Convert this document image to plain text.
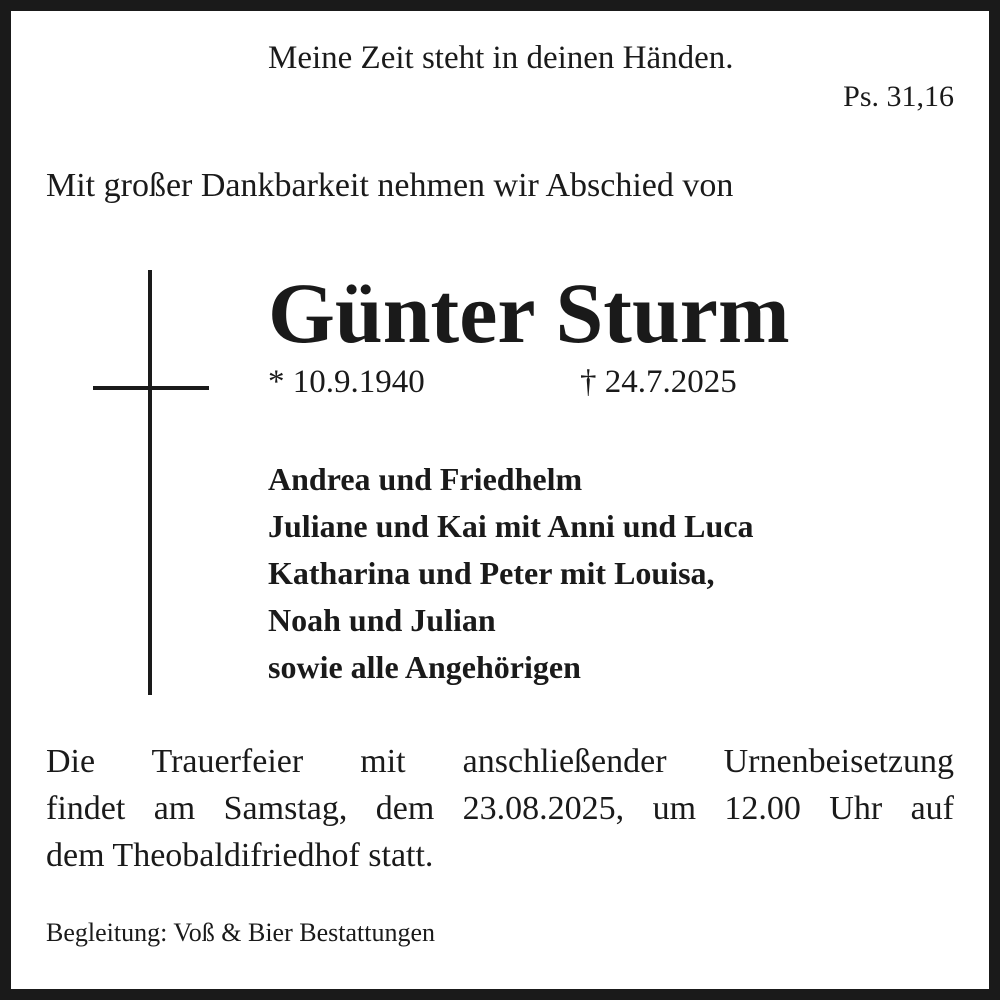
Meine Zeit steht in deinen Händen.
Ps. 31,16
Mit großer Dankbarkeit nehmen wir Abschied von
Günter Sturm
* 10.9.1940	† 24.7.2025
Andrea und Friedhelm
Juliane und Kai mit Anni und Luca
Katharina und Peter mit Louisa,
Noah und Julian
sowie alle Angehörigen
Die Trauerfeier mit anschließender Urnenbeisetzung
findet am Samstag, dem 23.08.2025, um 12.00 Uhr auf
dem Theobaldifriedhof statt.
Begleitung: Voß & Bier Bestattungen
